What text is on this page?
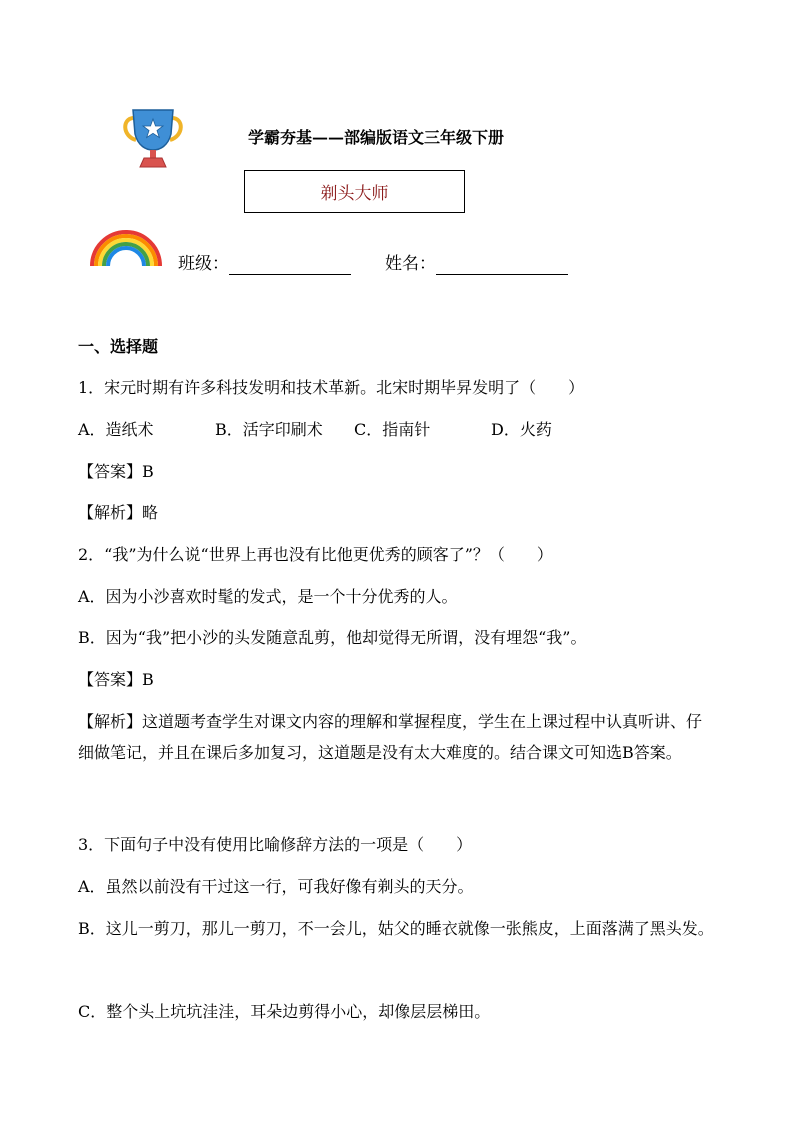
学霸夯基——部编版语文三年级下册
剃头大师
班级：	姓名：
一、选择题
1．宋元时期有许多科技发明和技术革新。北宋时期毕昇发明了（　　）
A．造纸术	B．活字印刷术 C．指南针	D．火药
【答案】B
【解析】略
2．“我”为什么说“世界上再也没有比他更优秀的顾客了”？（　　）
A．因为小沙喜欢时髦的发式，是一个十分优秀的人。
B．因为“我”把小沙的头发随意乱剪，他却觉得无所谓，没有埋怨“我”。
【答案】B
【解析】这道题考查学生对课文内容的理解和掌握程度，学生在上课过程中认真听讲、仔细做笔记，并且在课后多加复习，这道题是没有太大难度的。结合课文可知选B答案。
3．下面句子中没有使用比喻修辞方法的一项是（　　）
A．虽然以前没有干过这一行，可我好像有剃头的天分。
B．这儿一剪刀，那儿一剪刀，不一会儿，姑父的睡衣就像一张熊皮，上面落满了黑头发。
C．整个头上坑坑洼洼，耳朵边剪得小心，却像层层梯田。
